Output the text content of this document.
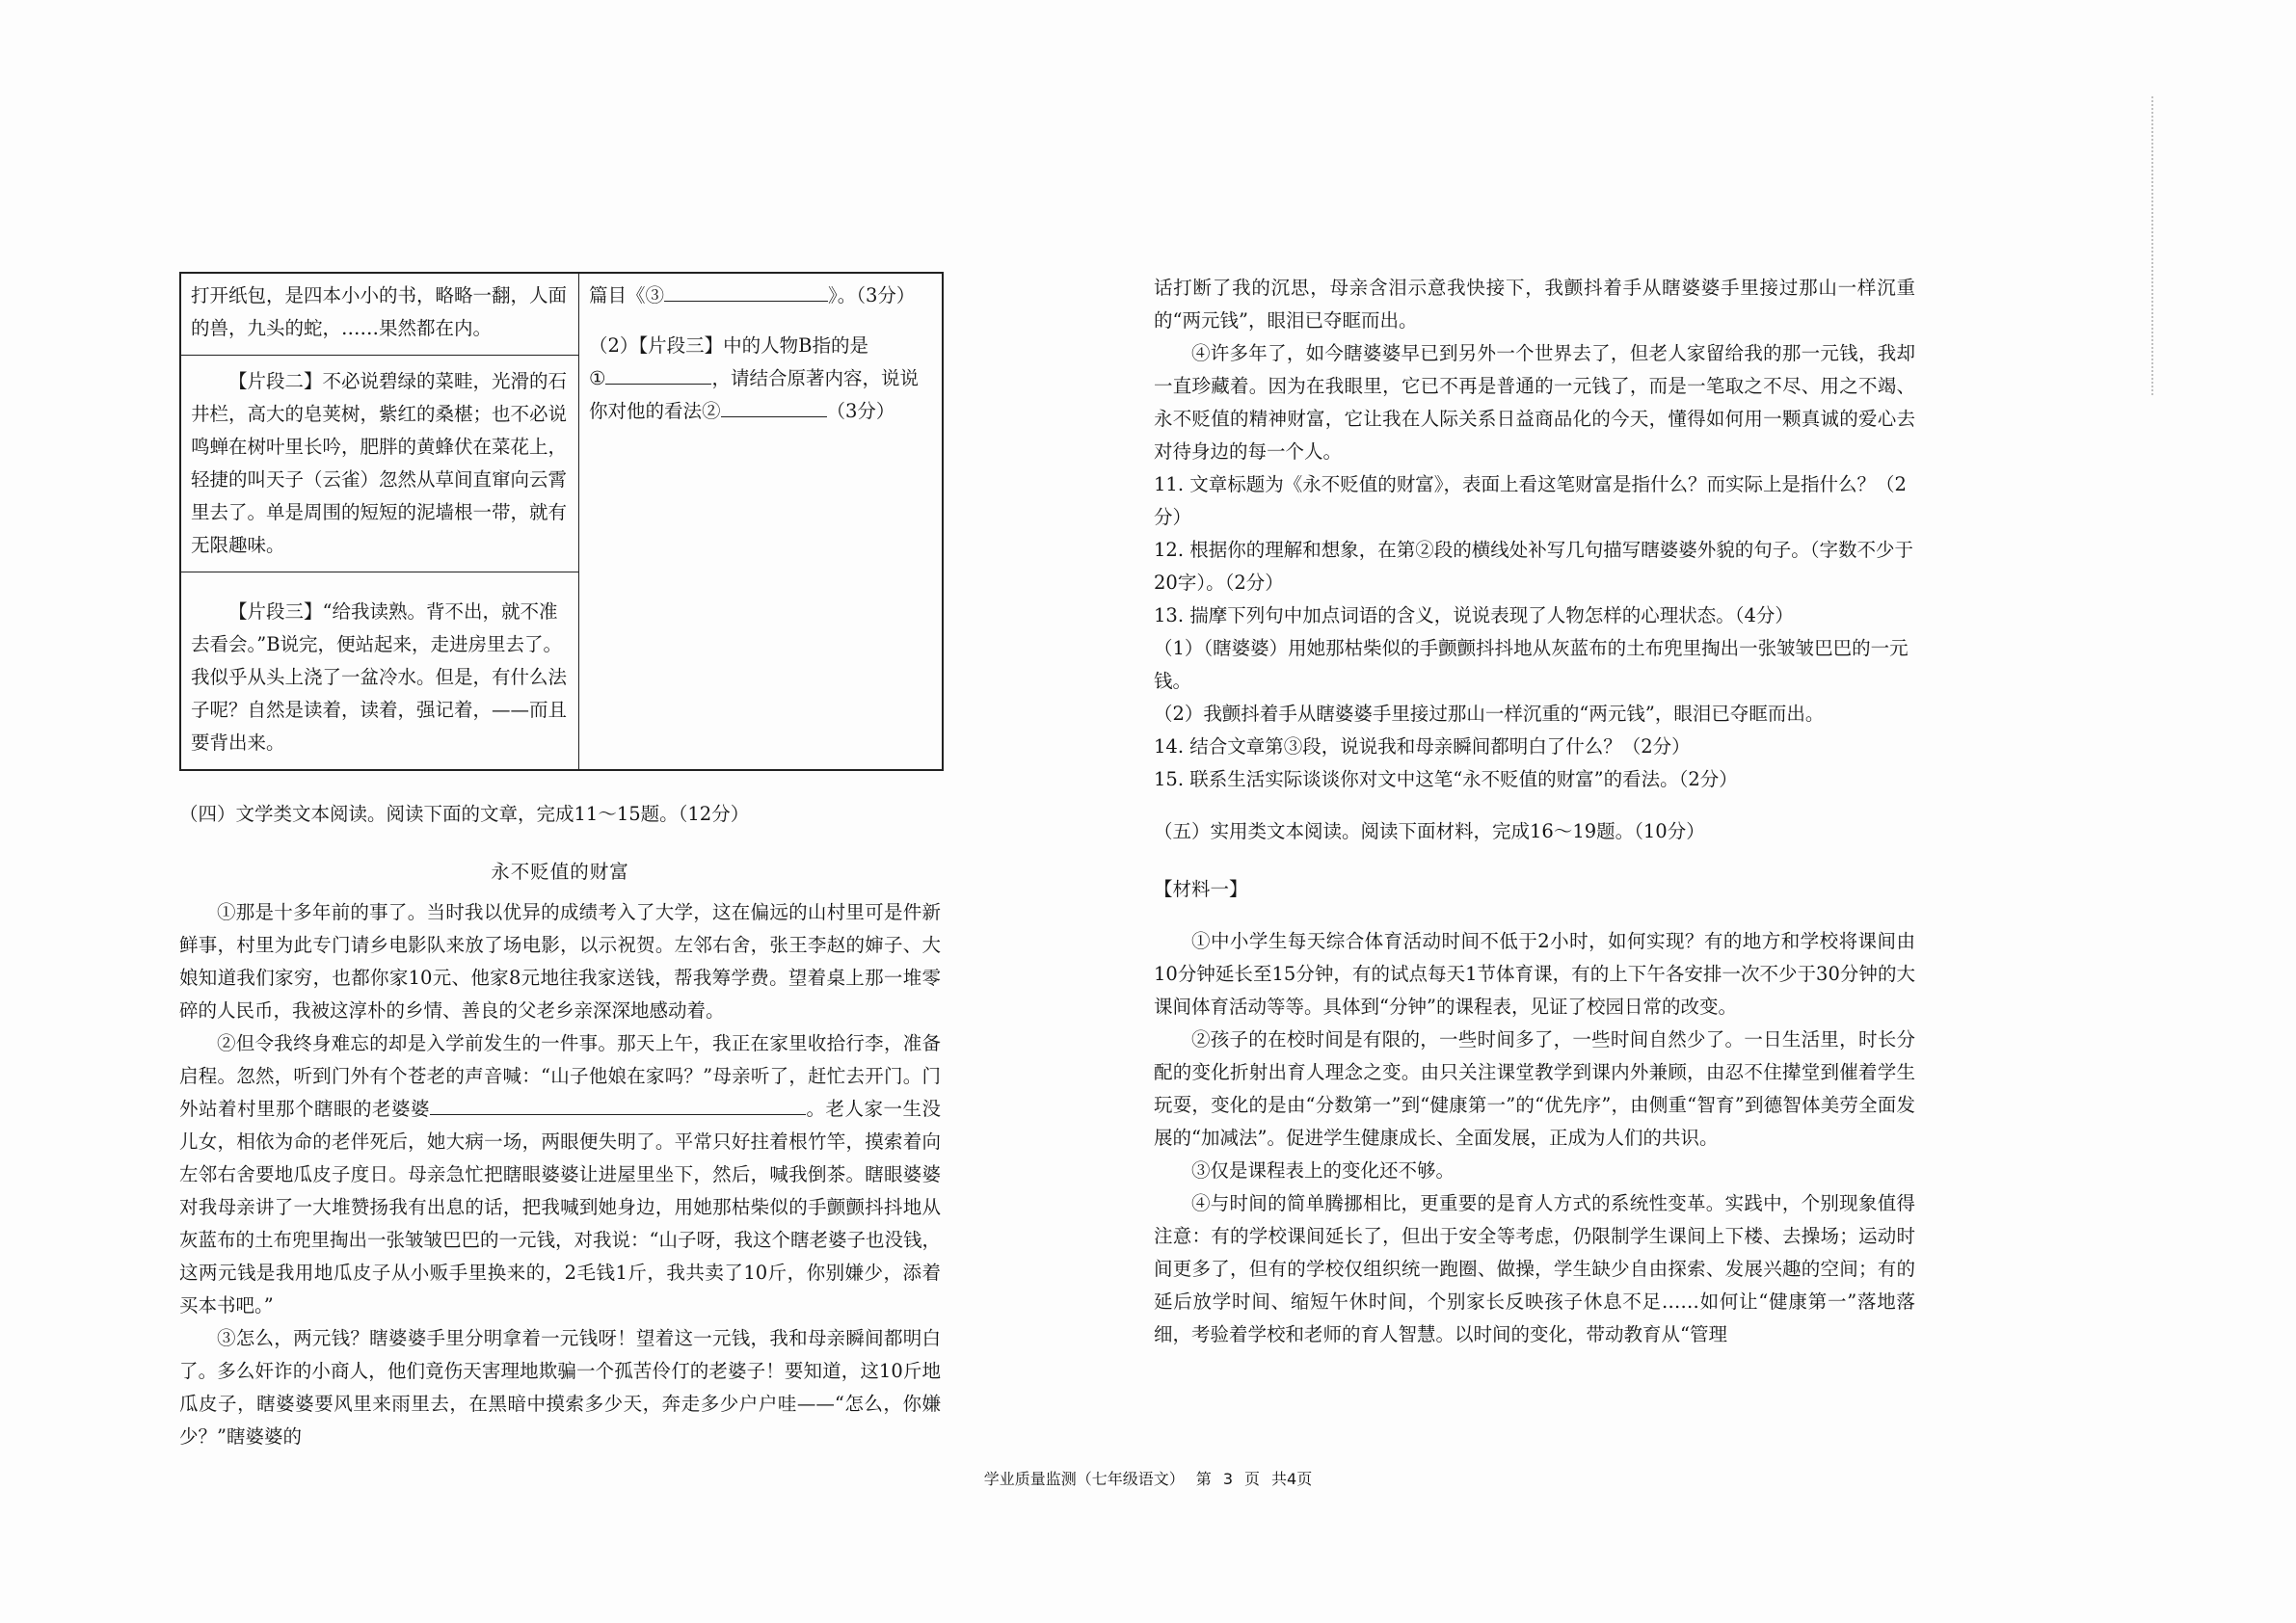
打开纸包，是四本小小的书，略略一翻，人面的兽，九头的蛇，……果然都在内。

篇目《③	》。（3分）
（2）【片段三】中的人物B指的是
①	，请结合原著内容，说说
你对他的看法②	（3分）

【片段二】不必说碧绿的菜畦，光滑的石井栏，高大的皂荚树，紫红的桑椹；也不必说鸣蝉在树叶里长吟，肥胖的黄蜂伏在菜花上，轻捷的叫天子（云雀）忽然从草间直窜向云霄里去了。单是周围的短短的泥墙根一带，就有无限趣味。

【片段三】“给我读熟。背不出，就不准去看会。”B说完，便站起来，走进房里去了。我似乎从头上浇了一盆冷水。但是，有什么法子呢？自然是读着，读着，强记着，——而且要背出来。

（四）文学类文本阅读。阅读下面的文章，完成11～15题。（12分）

永不贬值的财富

①那是十多年前的事了。当时我以优异的成绩考入了大学，这在偏远的山村里可是件新鲜事，村里为此专门请乡电影队来放了场电影，以示祝贺。左邻右舍，张王李赵的婶子、大娘知道我们家穷，也都你家10元、他家8元地往我家送钱，帮我筹学费。望着桌上那一堆零碎的人民币，我被这淳朴的乡情、善良的父老乡亲深深地感动着。

②但令我终身难忘的却是入学前发生的一件事。那天上午，我正在家里收拾行李，准备启程。忽然，听到门外有个苍老的声音喊：“山子他娘在家吗？”母亲听了，赶忙去开门。门外站着村里那个瞎眼的老婆婆	。老人家一生没儿女，相依为命的老伴死后，她大病一场，两眼便失明了。平常只好拄着根竹竿，摸索着向左邻右舍要地瓜皮子度日。母亲急忙把瞎眼婆婆让进屋里坐下，然后，喊我倒茶。瞎眼婆婆对我母亲讲了一大堆赞扬我有出息的话，把我喊到她身边，用她那枯柴似的手颤颤抖抖地从灰蓝布的土布兜里掏出一张皱皱巴巴的一元钱，对我说：“山子呀，我这个瞎老婆子也没钱，这两元钱是我用地瓜皮子从小贩手里换来的，2毛钱1斤，我共卖了10斤，你别嫌少，添着买本书吧。”

③怎么，两元钱？瞎婆婆手里分明拿着一元钱呀！望着这一元钱，我和母亲瞬间都明白了。多么奸诈的小商人，他们竟伤天害理地欺骗一个孤苦伶仃的老婆子！要知道，这10斤地瓜皮子，瞎婆婆要风里来雨里去，在黑暗中摸索多少天，奔走多少户户哇——“怎么，你嫌少？”瞎婆婆的

话打断了我的沉思，母亲含泪示意我快接下，我颤抖着手从瞎婆婆手里接过那山一样沉重的“两元钱”，眼泪已夺眶而出。

④许多年了，如今瞎婆婆早已到另外一个世界去了，但老人家留给我的那一元钱，我却一直珍藏着。因为在我眼里，它已不再是普通的一元钱了，而是一笔取之不尽、用之不竭、永不贬值的精神财富，它让我在人际关系日益商品化的今天，懂得如何用一颗真诚的爱心去对待身边的每一个人。

11. 文章标题为《永不贬值的财富》，表面上看这笔财富是指什么？而实际上是指什么？（2分）

12. 根据你的理解和想象，在第②段的横线处补写几句描写瞎婆婆外貌的句子。（字数不少于20字）。（2分）

13. 揣摩下列句中加点词语的含义，说说表现了人物怎样的心理状态。（4分）

（1）（瞎婆婆）用她那枯柴似的手颤颤抖抖地从灰蓝布的土布兜里掏出一张皱皱巴巴的一元钱。

（2）我颤抖着手从瞎婆婆手里接过那山一样沉重的“两元钱”，眼泪已夺眶而出。

14. 结合文章第③段，说说我和母亲瞬间都明白了什么？（2分）

15. 联系生活实际谈谈你对文中这笔“永不贬值的财富”的看法。（2分）

（五）实用类文本阅读。阅读下面材料，完成16～19题。（10分）

【材料一】

①中小学生每天综合体育活动时间不低于2小时，如何实现？有的地方和学校将课间由10分钟延长至15分钟，有的试点每天1节体育课，有的上下午各安排一次不少于30分钟的大课间体育活动等等。具体到“分钟”的课程表，见证了校园日常的改变。

②孩子的在校时间是有限的，一些时间多了，一些时间自然少了。一日生活里，时长分配的变化折射出育人理念之变。由只关注课堂教学到课内外兼顾，由忍不住撵堂到催着学生玩耍，变化的是由“分数第一”到“健康第一”的“优先序”，由侧重“智育”到德智体美劳全面发展的“加减法”。促进学生健康成长、全面发展，正成为人们的共识。

③仅是课程表上的变化还不够。

④与时间的简单腾挪相比，更重要的是育人方式的系统性变革。实践中，个别现象值得注意：有的学校课间延长了，但出于安全等考虑，仍限制学生课间上下楼、去操场；运动时间更多了，但有的学校仅组织统一跑圈、做操，学生缺少自由探索、发展兴趣的空间；有的延后放学时间、缩短午休时间，个别家长反映孩子休息不足……如何让“健康第一”落地落细，考验着学校和老师的育人智慧。以时间的变化，带动教育从“管理

学业质量监测（七年级语文） 第 3 页 共4页
